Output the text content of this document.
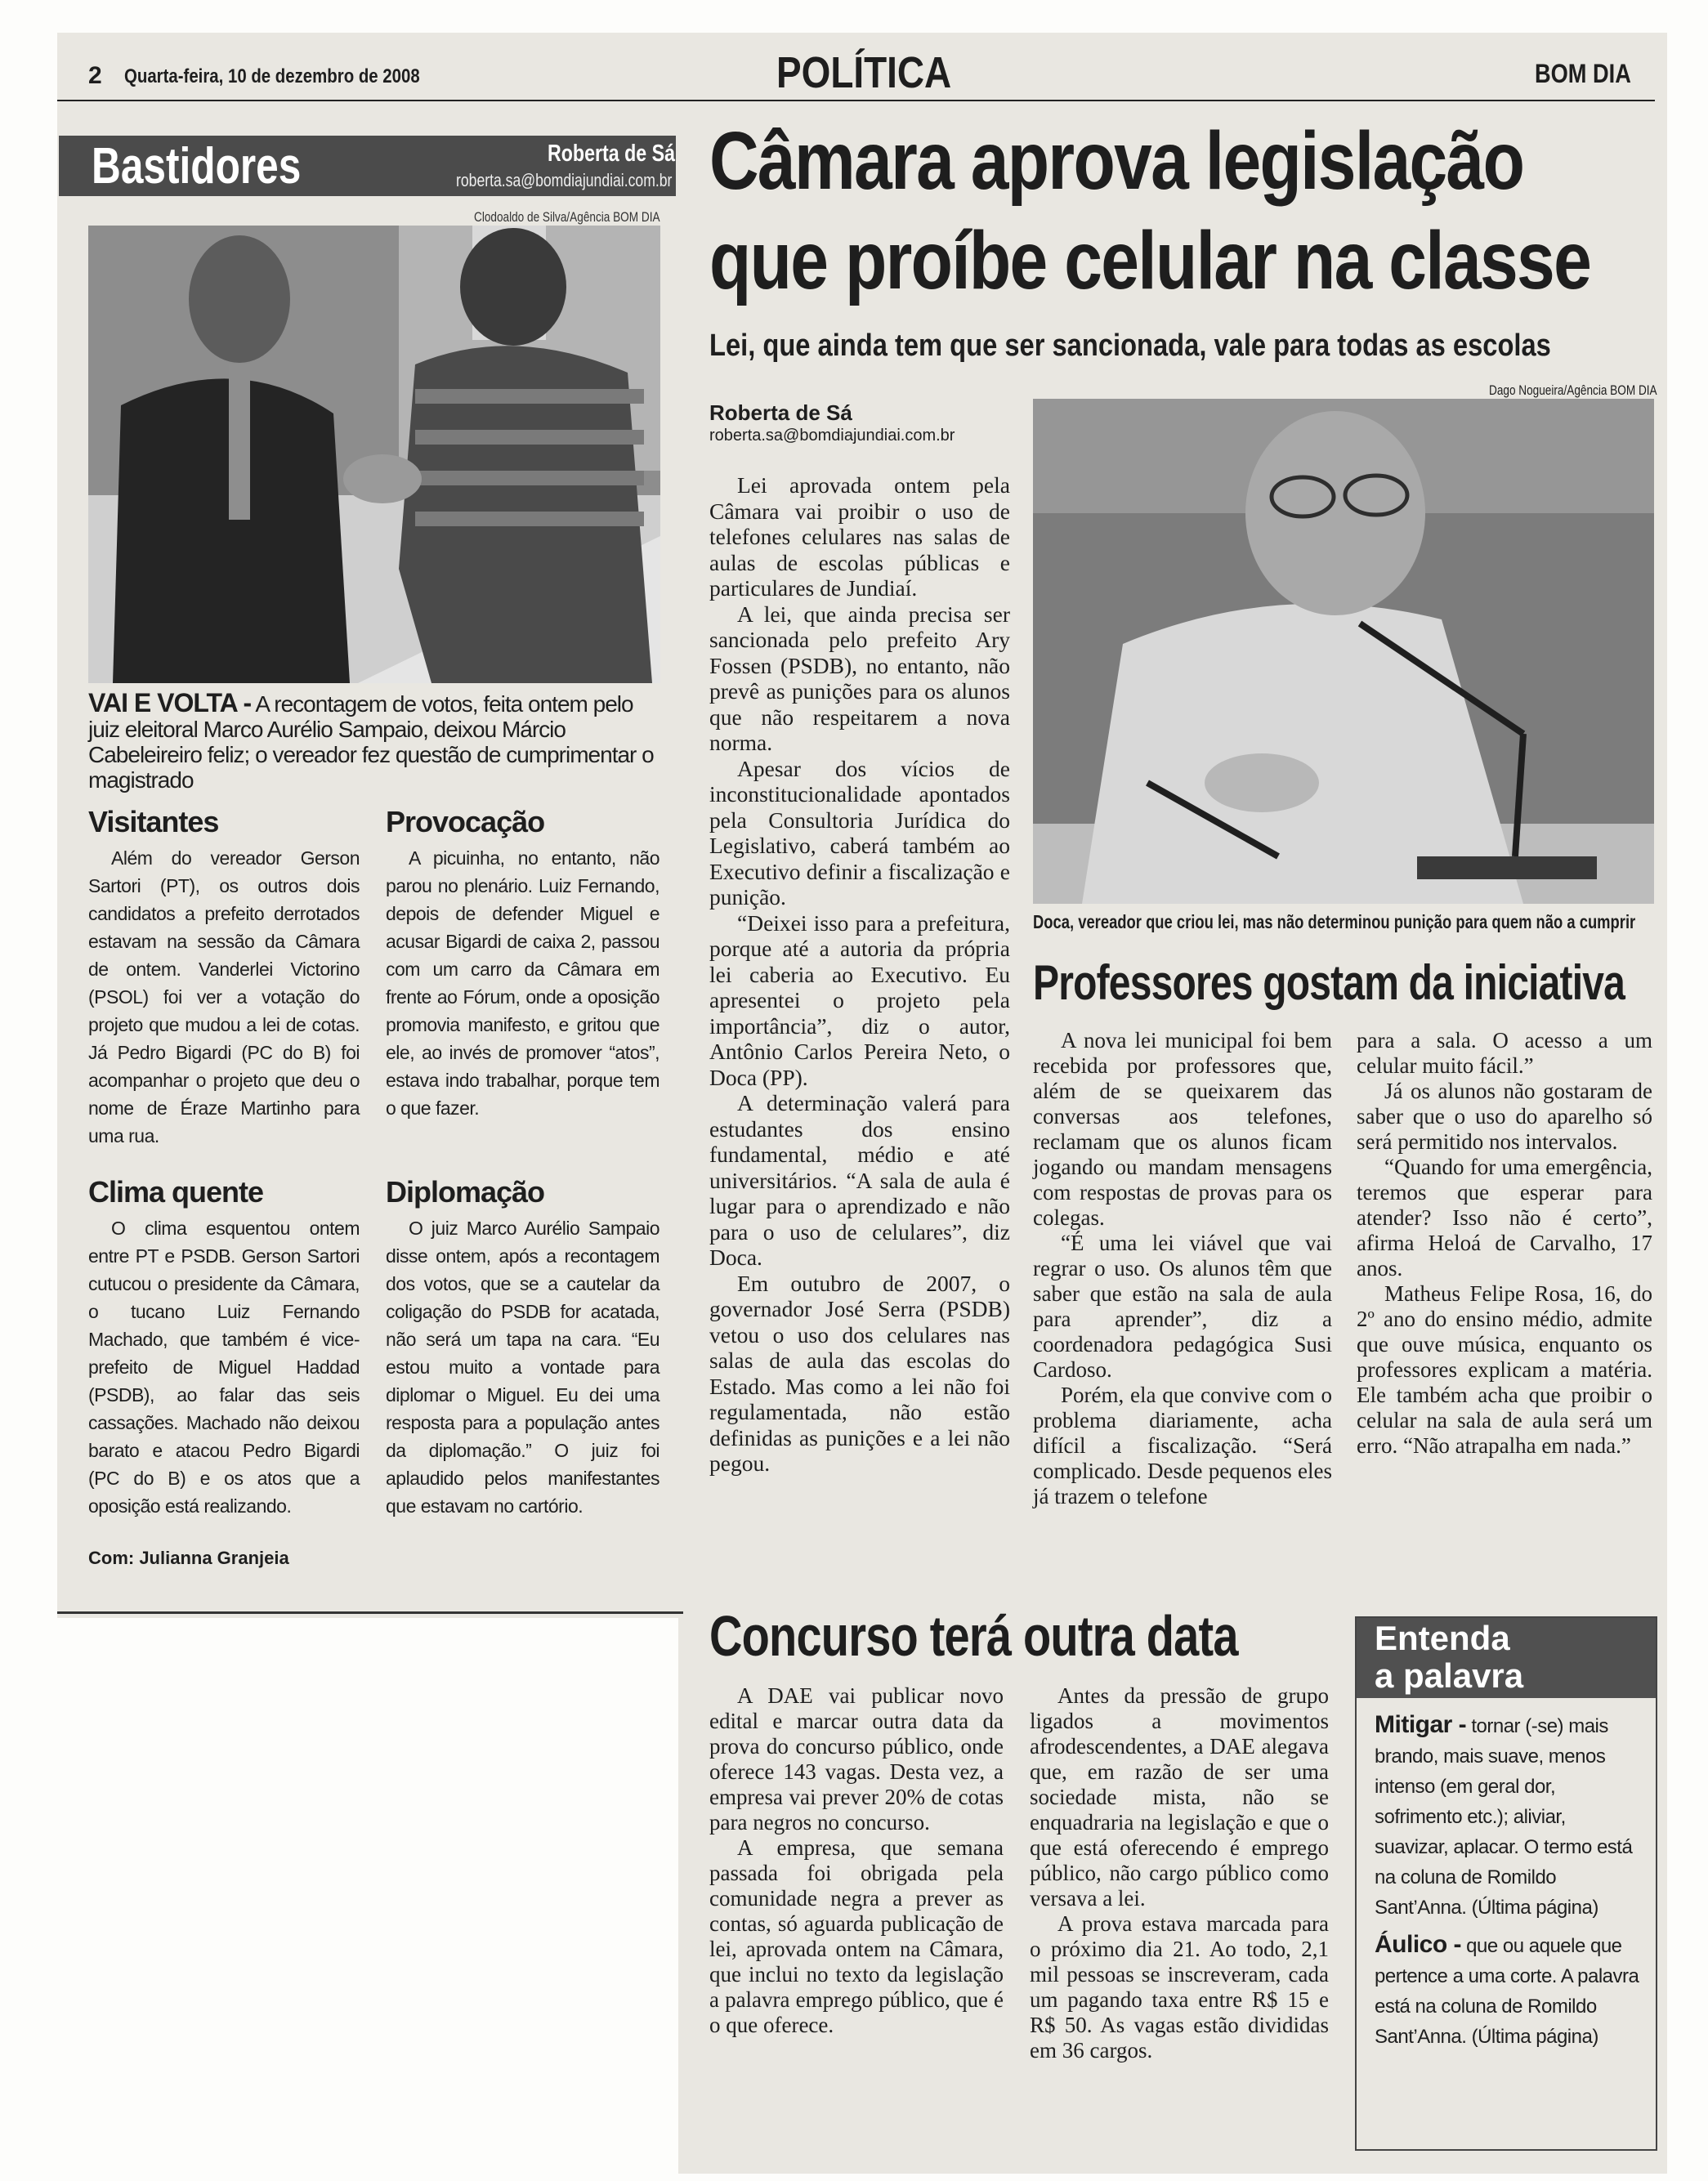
2 Quarta-feira, 10 de dezembro de 2008	POLÍTICA	BOM DIA
Bastidores	Roberta de Sá
roberta.sa@bomdiajundiai.com.br
Clodoaldo de Silva/Agência BOM DIA
VAI E VOLTA - A recontagem de votos, feita ontem pelo juiz eleitoral Marco Aurélio Sampaio, deixou Márcio Cabeleireiro feliz; o vereador fez questão de cumprimentar o magistrado
Visitantes

Além do vereador Gerson Sartori (PT), os outros dois candidatos a prefeito derrotados estavam na sessão da Câmara de ontem. Vanderlei Victorino (PSOL) foi ver a votação do projeto que mudou a lei de cotas. Já Pedro Bigardi (PC do B) foi acompanhar o projeto que deu o nome de Éraze Martinho para uma rua.

Clima quente

O clima esquentou ontem entre PT e PSDB. Gerson Sartori cutucou o presidente da Câmara, o tucano Luiz Fernando Machado, que também é vice-prefeito de Miguel Haddad (PSDB), ao falar das seis cassações. Machado não deixou barato e atacou Pedro Bigardi (PC do B) e os atos que a oposição está realizando.

Com: Julianna Granjeia
Provocação

A picuinha, no entanto, não parou no plenário. Luiz Fernando, depois de defender Miguel e acusar Bigardi de caixa 2, passou com um carro da Câmara em frente ao Fórum, onde a oposição promovia manifesto, e gritou que ele, ao invés de promover “atos”, estava indo trabalhar, porque tem o que fazer.

Diplomação

O juiz Marco Aurélio Sampaio disse ontem, após a recontagem dos votos, que se a cautelar da coligação do PSDB for acatada, não será um tapa na cara. “Eu estou muito a vontade para diplomar o Miguel. Eu dei uma resposta para a população antes da diplomação.” O juiz foi aplaudido pelos manifestantes que estavam no cartório.

Câmara aprova legislação
que proíbe celular na classe
Lei, que ainda tem que ser sancionada, vale para todas as escolas
Dago Nogueira/Agência BOM DIA
Roberta de Sá
roberta.sa@bomdiajundiai.com.br

Lei aprovada ontem pela Câmara vai proibir o uso de telefones celulares nas salas de aulas de escolas públicas e particulares de Jundiaí.

A lei, que ainda precisa ser sancionada pelo prefeito Ary Fossen (PSDB), no entanto, não prevê as punições para os alunos que não respeitarem a nova norma.

Apesar dos vícios de inconstitucionalidade apontados pela Consultoria Jurídica do Legislativo, caberá também ao Executivo definir a fiscalização e punição.

“Deixei isso para a prefeitura, porque até a autoria da própria lei caberia ao Executivo. Eu apresentei o projeto pela importância”, diz o autor, Antônio Carlos Pereira Neto, o Doca (PP).

A determinação valerá para estudantes dos ensino fundamental, médio e até universitários. “A sala de aula é lugar para o aprendizado e não para o uso de celulares”, diz Doca.

Em outubro de 2007, o governador José Serra (PSDB) vetou o uso dos celulares nas salas de aula das escolas do Estado. Mas como a lei não foi regulamentada, não estão definidas as punições e a lei não pegou.

Doca, vereador que criou lei, mas não determinou punição para quem não a cumprir
Professores gostam da iniciativa

A nova lei municipal foi bem recebida por professores que, além de se queixarem das conversas aos telefones, reclamam que os alunos ficam jogando ou mandam mensagens com respostas de provas para os colegas.

“É uma lei viável que vai regrar o uso. Os alunos têm que saber que estão na sala de aula para aprender”, diz a coordenadora pedagógica Susi Cardoso.

Porém, ela que convive com o problema diariamente, acha difícil a fiscalização. “Será complicado. Desde pequenos eles já trazem o telefone

para a sala. O acesso a um celular muito fácil.”

Já os alunos não gostaram de saber que o uso do aparelho só será permitido nos intervalos.

“Quando for uma emergência, teremos que esperar para atender? Isso não é certo”, afirma Heloá de Carvalho, 17 anos.

Matheus Felipe Rosa, 16, do 2º ano do ensino médio, admite que ouve música, enquanto os professores explicam a matéria. Ele também acha que proibir o celular na sala de aula será um erro. “Não atrapalha em nada.”

Concurso terá outra data

A DAE vai publicar novo edital e marcar outra data da prova do concurso público, onde oferece 143 vagas. Desta vez, a empresa vai prever 20% de cotas para negros no concurso.

A empresa, que semana passada foi obrigada pela comunidade negra a prever as contas, só aguarda publicação de lei, aprovada ontem na Câmara, que inclui no texto da legislação a palavra emprego público, que é o que oferece.

Antes da pressão de grupo ligados a movimentos afrodescendentes, a DAE alegava que, em razão de ser uma sociedade mista, não se enquadraria na legislação e que o que está oferecendo é emprego público, não cargo público como versava a lei.

A prova estava marcada para o próximo dia 21. Ao todo, 2,1 mil pessoas se inscreveram, cada um pagando taxa entre R$ 15 e R$ 50. As vagas estão divididas em 36 cargos.

Entenda
a palavra

Mitigar - tornar (-se) mais brando, mais suave, menos intenso (em geral dor, sofrimento etc.); aliviar, suavizar, aplacar. O termo está na coluna de Romildo Sant’Anna. (Última página)

Áulico - que ou aquele que pertence a uma corte. A palavra está na coluna de Romildo Sant’Anna. (Última página)
